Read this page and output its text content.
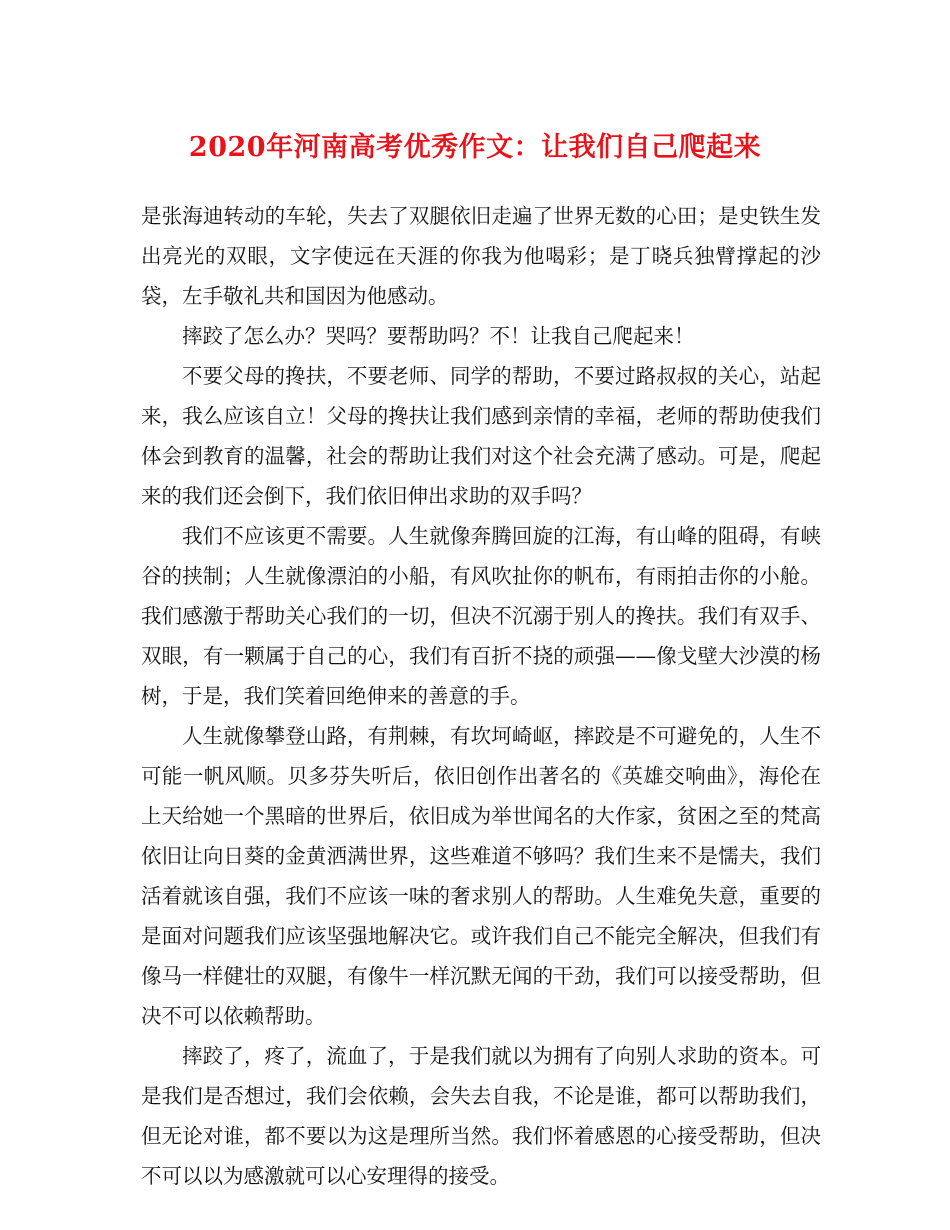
2020年河南高考优秀作文：让我们自己爬起来

是张海迪转动的车轮，失去了双腿依旧走遍了世界无数的心田；是史铁生发出亮光的双眼，文字使远在天涯的你我为他喝彩；是丁晓兵独臂撑起的沙袋，左手敬礼共和国因为他感动。

摔跤了怎么办？哭吗？要帮助吗？不！让我自己爬起来！

不要父母的搀扶，不要老师、同学的帮助，不要过路叔叔的关心，站起来，我么应该自立！父母的搀扶让我们感到亲情的幸福，老师的帮助使我们体会到教育的温馨，社会的帮助让我们对这个社会充满了感动。可是，爬起来的我们还会倒下，我们依旧伸出求助的双手吗？

我们不应该更不需要。人生就像奔腾回旋的江海，有山峰的阻碍，有峡谷的挟制；人生就像漂泊的小船，有风吹扯你的帆布，有雨拍击你的小舱。我们感激于帮助关心我们的一切，但决不沉溺于别人的搀扶。我们有双手、双眼，有一颗属于自己的心，我们有百折不挠的顽强——像戈壁大沙漠的杨树，于是，我们笑着回绝伸来的善意的手。

人生就像攀登山路，有荆棘，有坎坷崎岖，摔跤是不可避免的，人生不可能一帆风顺。贝多芬失听后，依旧创作出著名的《英雄交响曲》，海伦在上天给她一个黑暗的世界后，依旧成为举世闻名的大作家，贫困之至的梵高依旧让向日葵的金黄洒满世界，这些难道不够吗？我们生来不是懦夫，我们活着就该自强，我们不应该一味的奢求别人的帮助。人生难免失意，重要的是面对问题我们应该坚强地解决它。或许我们自己不能完全解决，但我们有像马一样健壮的双腿，有像牛一样沉默无闻的干劲，我们可以接受帮助，但决不可以依赖帮助。

摔跤了，疼了，流血了，于是我们就以为拥有了向别人求助的资本。可是我们是否想过，我们会依赖，会失去自我，不论是谁，都可以帮助我们，但无论对谁，都不要以为这是理所当然。我们怀着感恩的心接受帮助，但决不可以以为感激就可以心安理得的接受。
